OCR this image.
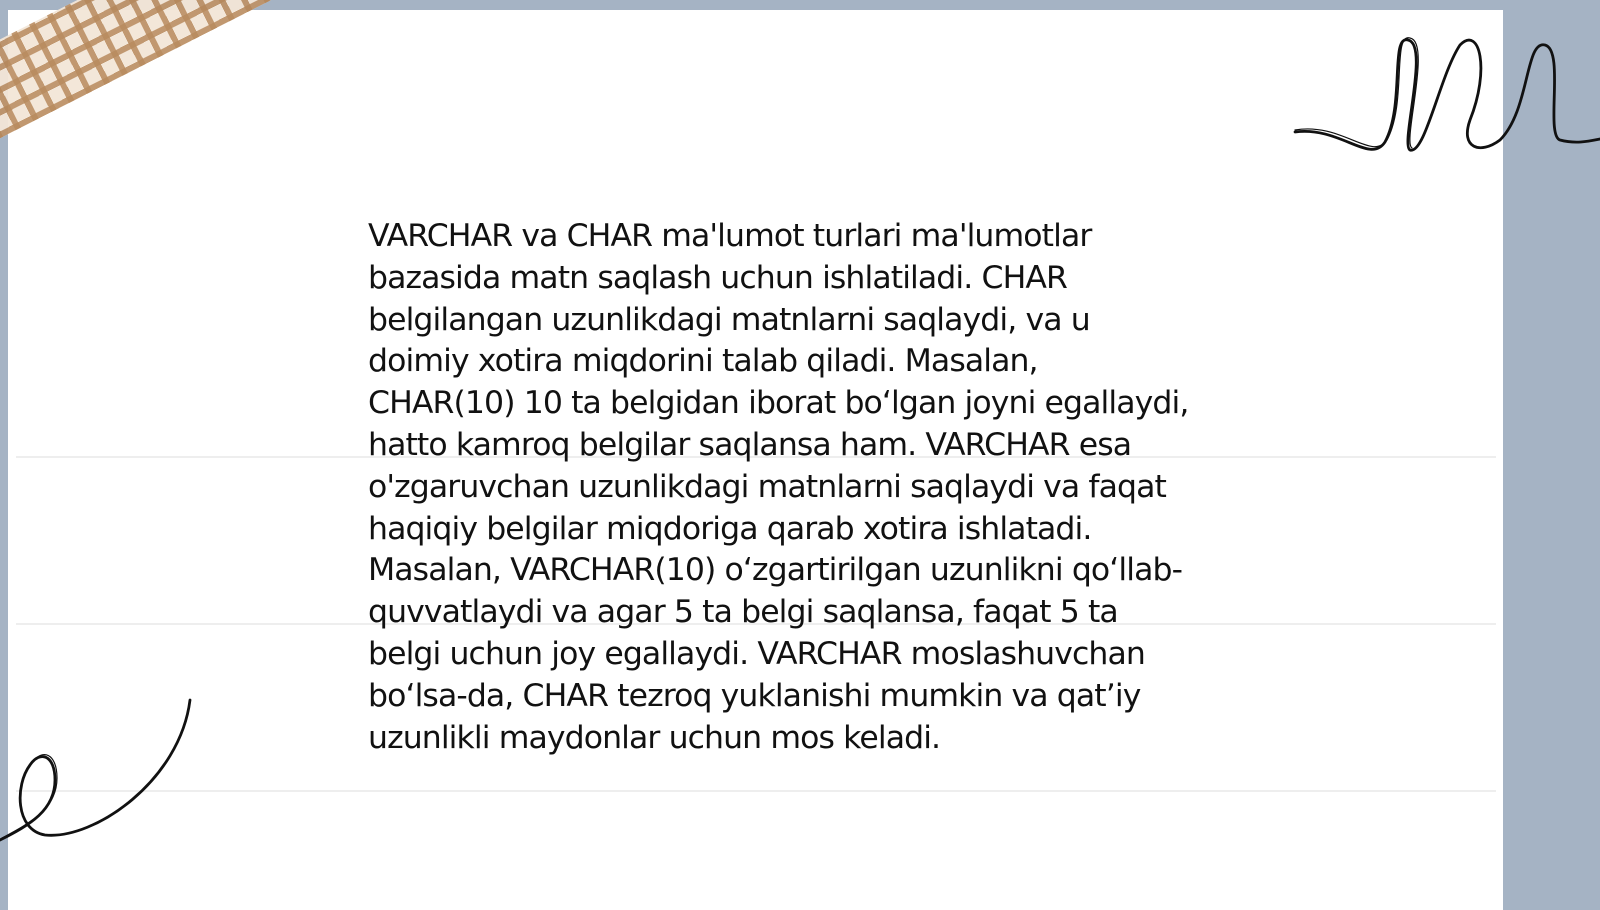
VARCHAR va CHAR ma'lumot turlari ma'lumotlar
bazasida matn saqlash uchun ishlatiladi. CHAR
belgilangan uzunlikdagi matnlarni saqlaydi, va u
doimiy xotira miqdorini talab qiladi. Masalan,
CHAR(10) 10 ta belgidan iborat bo‘lgan joyni egallaydi,
hatto kamroq belgilar saqlansa ham. VARCHAR esa
o'zgaruvchan uzunlikdagi matnlarni saqlaydi va faqat
haqiqiy belgilar miqdoriga qarab xotira ishlatadi.
Masalan, VARCHAR(10) o‘zgartirilgan uzunlikni qo‘llab-
quvvatlaydi va agar 5 ta belgi saqlansa, faqat 5 ta
belgi uchun joy egallaydi. VARCHAR moslashuvchan
bo‘lsa-da, CHAR tezroq yuklanishi mumkin va qat’iy
uzunlikli maydonlar uchun mos keladi.
